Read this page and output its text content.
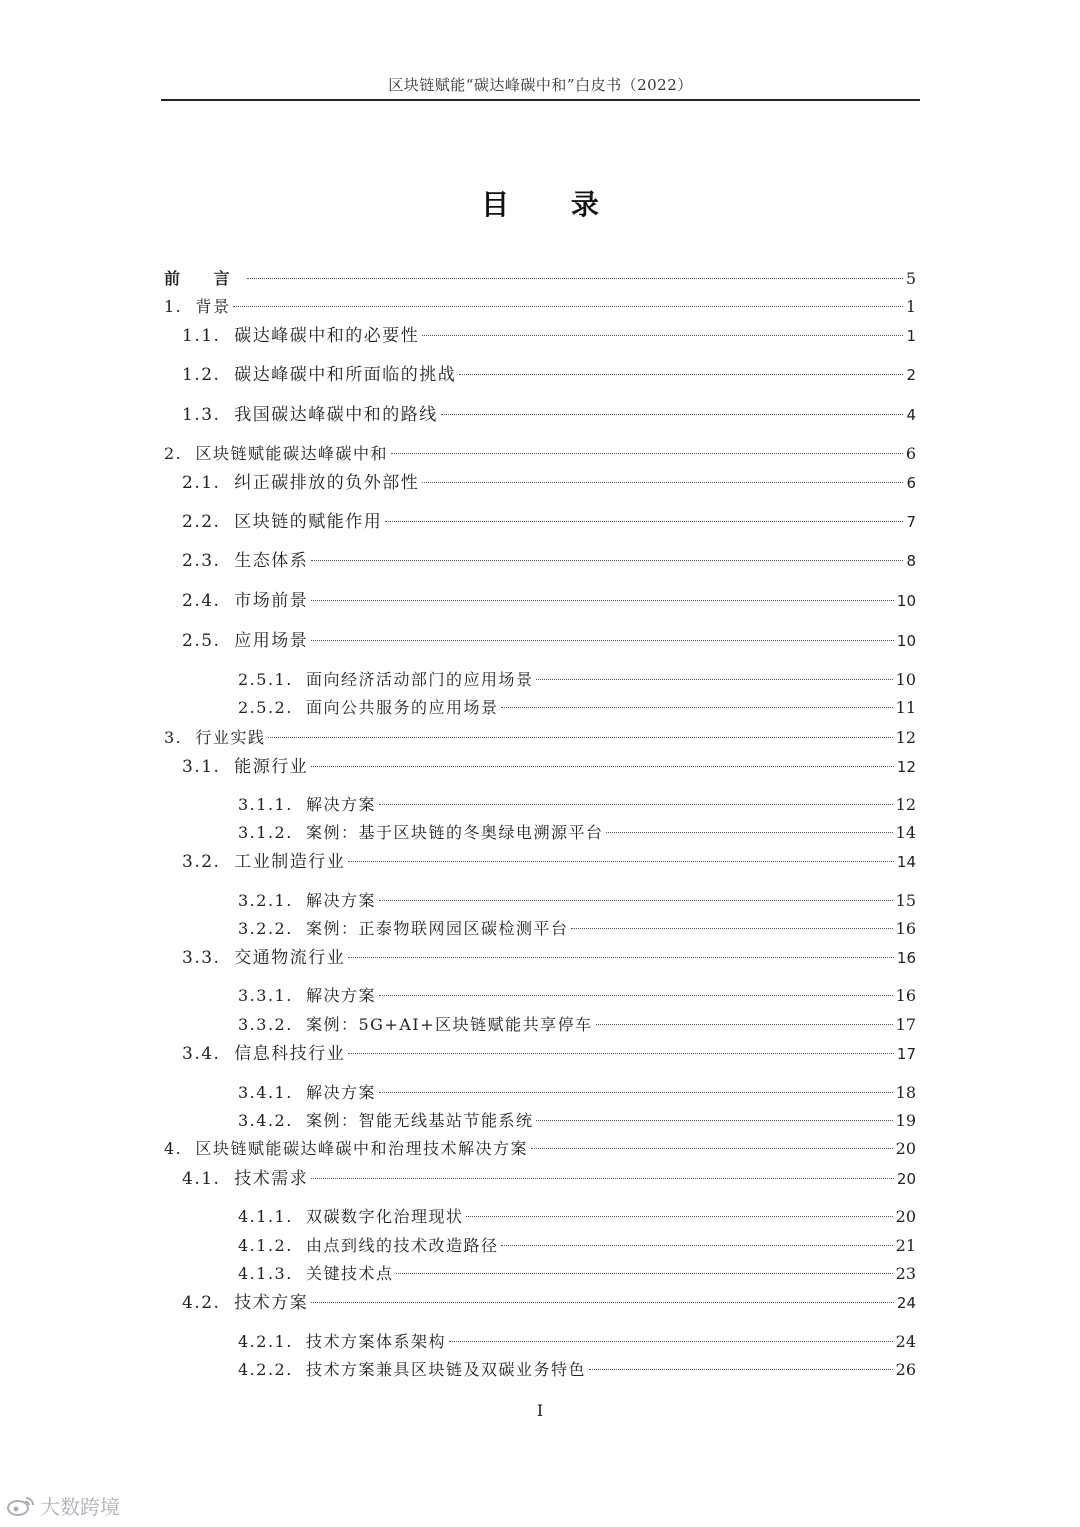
区块链赋能“碳达峰碳中和”白皮书（2022）
目 录
前 言	5
1. 背景	1
1.1. 碳达峰碳中和的必要性	1
1.2. 碳达峰碳中和所面临的挑战	2
1.3. 我国碳达峰碳中和的路线	4
2. 区块链赋能碳达峰碳中和	6
2.1. 纠正碳排放的负外部性	6
2.2. 区块链的赋能作用	7
2.3. 生态体系	8
2.4. 市场前景	10
2.5. 应用场景	10
2.5.1. 面向经济活动部门的应用场景	10
2.5.2. 面向公共服务的应用场景	11
3. 行业实践	12
3.1. 能源行业	12
3.1.1. 解决方案	12
3.1.2. 案例：基于区块链的冬奥绿电溯源平台	14
3.2. 工业制造行业	14
3.2.1. 解决方案	15
3.2.2. 案例：正泰物联网园区碳检测平台	16
3.3. 交通物流行业	16
3.3.1. 解决方案	16
3.3.2. 案例：5G+AI+区块链赋能共享停车	17
3.4. 信息科技行业	17
3.4.1. 解决方案	18
3.4.2. 案例：智能无线基站节能系统	19
4. 区块链赋能碳达峰碳中和治理技术解决方案	20
4.1. 技术需求	20
4.1.1. 双碳数字化治理现状	20
4.1.2. 由点到线的技术改造路径	21
4.1.3. 关键技术点	23
4.2. 技术方案	24
4.2.1. 技术方案体系架构	24
4.2.2. 技术方案兼具区块链及双碳业务特色	26
I
大数跨境
